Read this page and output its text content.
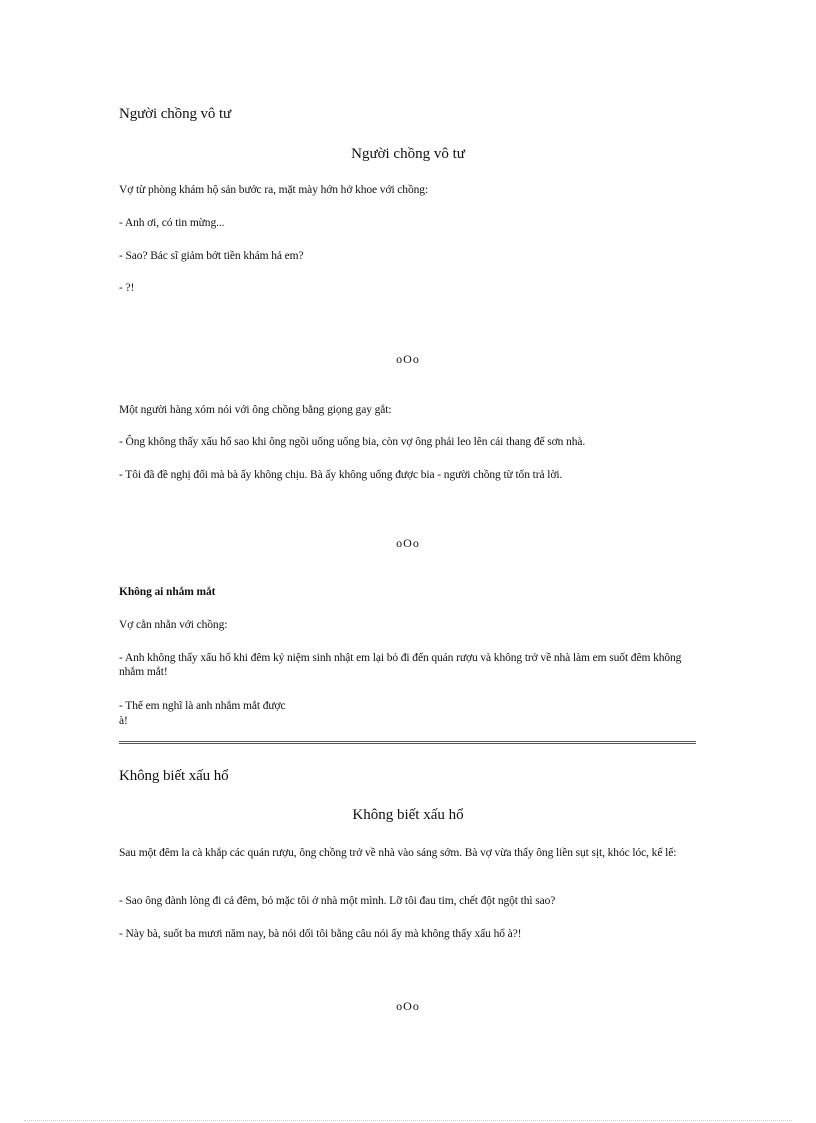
Người chồng vô tư
Người chồng vô tư
Vợ từ phòng khám hộ sản bước ra, mặt mày hớn hở khoe với chồng:
- Anh ơi, có tin mừng...
- Sao? Bác sĩ giảm bớt tiền khám hả em?
- ?!
oOo
Một người hàng xóm nói với ông chồng bằng giọng gay gắt:
- Ông không thấy xấu hổ sao khi ông ngồi uống uống bia, còn vợ ông phải leo lên cái thang để sơn nhà.
- Tôi đã đề nghị đổi mà bà ấy không chịu. Bà ấy không uống được bia - người chồng từ tốn trả lời.
oOo
Không ai nhắm mắt
Vợ cằn nhằn với chồng:
- Anh không thấy xấu hổ khi đêm kỷ niệm sinh nhật em lại bỏ đi đến quán rượu và không trở về nhà làm em suốt đêm không nhắm mắt!
- Thế em nghĩ là anh nhắm mắt được
à!
Không biết xấu hổ
Không biết xấu hổ
Sau một đêm la cà khắp các quán rượu, ông chồng trở về nhà vào sáng sớm. Bà vợ vừa thấy ông liền sụt sịt, khóc lóc, kể lể:
- Sao ông đành lòng đi cả đêm, bỏ mặc tôi ở nhà một mình. Lỡ tôi đau tim, chết đột ngột thì sao?
- Này bà, suốt ba mươi năm nay, bà nói dối tôi bằng câu nói ấy mà không thấy xấu hổ à?!
oOo
